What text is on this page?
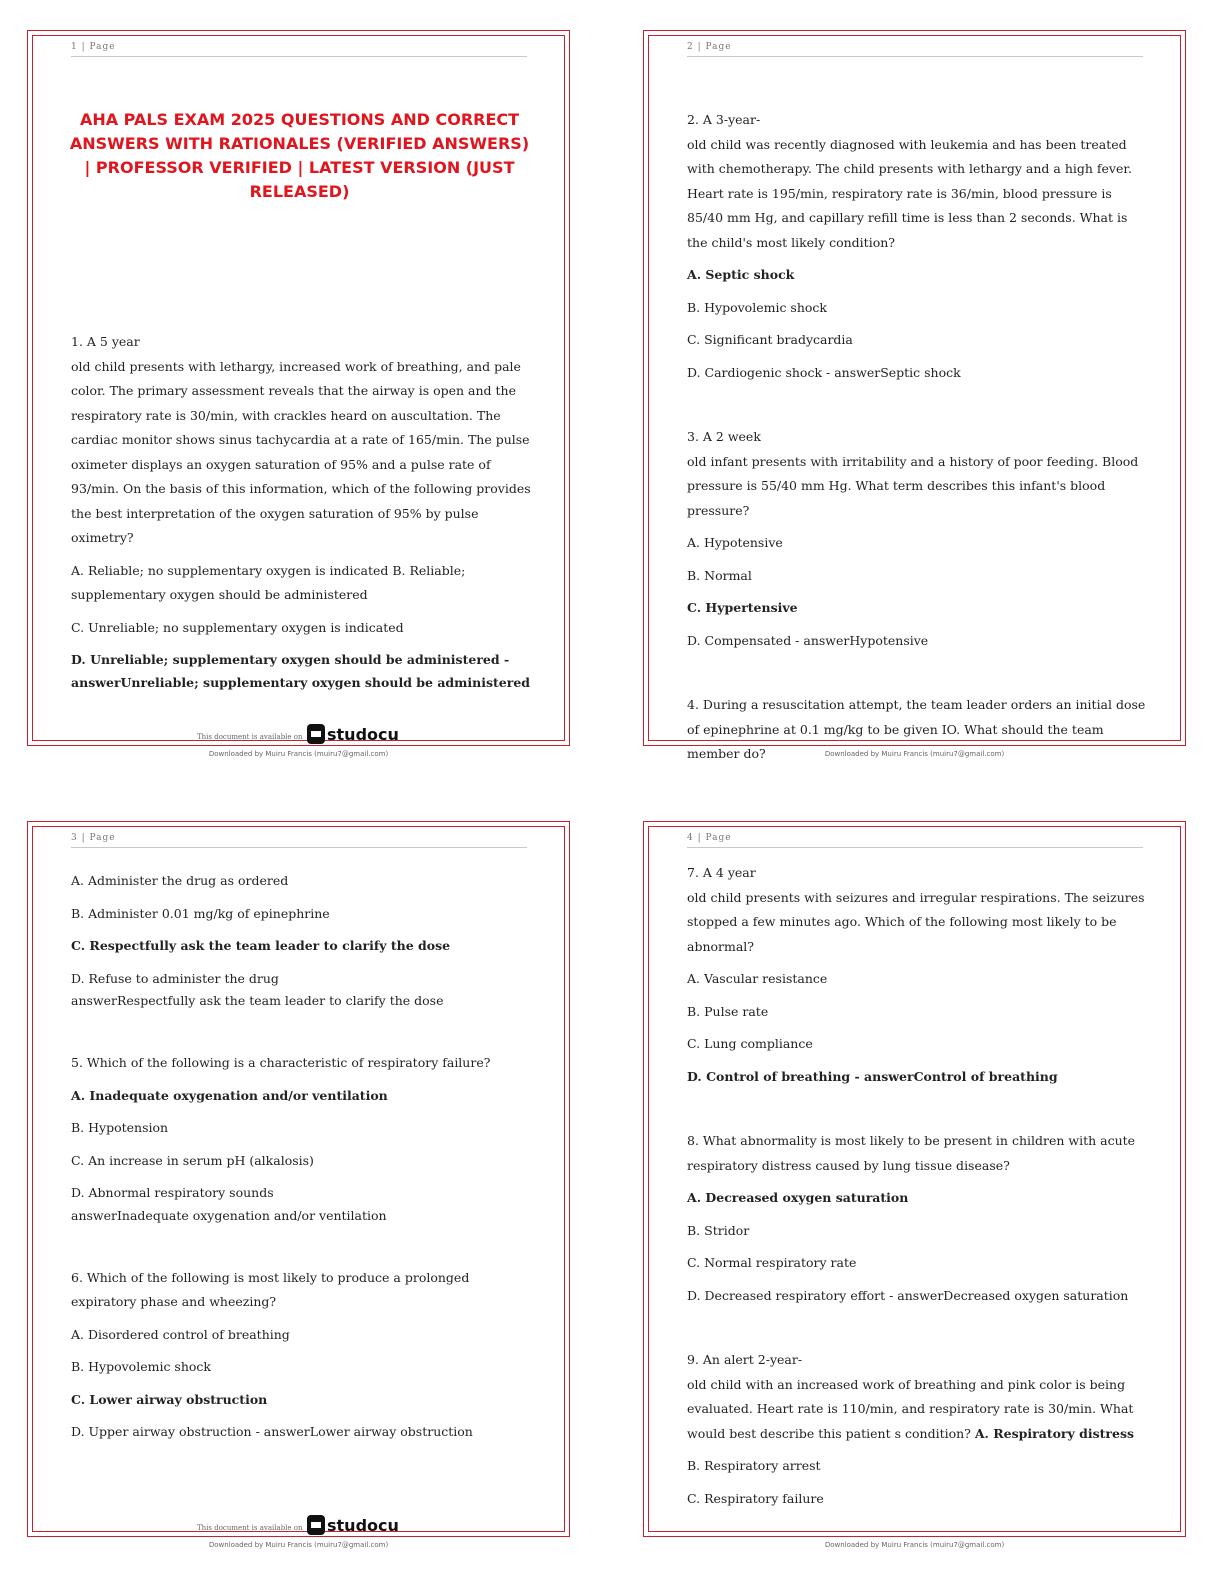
1 | Page
AHA PALS EXAM 2025 QUESTIONS AND CORRECT ANSWERS WITH RATIONALES (VERIFIED ANSWERS) | PROFESSOR VERIFIED | LATEST VERSION (JUST RELEASED)

1. A 5 year

old child presents with lethargy, increased work of breathing, and pale color. The primary assessment reveals that the airway is open and the respiratory rate is 30/min, with crackles heard on auscultation. The cardiac monitor shows sinus tachycardia at a rate of 165/min. The pulse oximeter displays an oxygen saturation of 95% and a pulse rate of 93/min. On the basis of this information, which of the following provides the best interpretation of the oxygen saturation of 95% by pulse oximetry?

A. Reliable; no supplementary oxygen is indicated B. Reliable; supplementary oxygen should be administered

C. Unreliable; no supplementary oxygen is indicated

D. Unreliable; supplementary oxygen should be administered -

answerUnreliable; supplementary oxygen should be administered

This document is available on studocu
Downloaded by Muiru Francis (muiru7@gmail.com)
2 | Page

2. A 3-year-

old child was recently diagnosed with leukemia and has been treated with chemotherapy. The child presents with lethargy and a high fever. Heart rate is 195/min, respiratory rate is 36/min, blood pressure is 85/40 mm Hg, and capillary refill time is less than 2 seconds. What is the child's most likely condition?

A. Septic shock

B. Hypovolemic shock

C. Significant bradycardia

D. Cardiogenic shock - answerSeptic shock

3. A 2 week

old infant presents with irritability and a history of poor feeding. Blood pressure is 55/40 mm Hg. What term describes this infant's blood pressure?

A. Hypotensive

B. Normal

C. Hypertensive

D. Compensated - answerHypotensive

4. During a resuscitation attempt, the team leader orders an initial dose of epinephrine at 0.1 mg/kg to be given IO. What should the team member do?	Downloaded by Muiru Francis (muiru7@gmail.com)
3 | Page

A. Administer the drug as ordered

B. Administer 0.01 mg/kg of epinephrine

C. Respectfully ask the team leader to clarify the dose

D. Refuse to administer the drug

answerRespectfully ask the team leader to clarify the dose

5. Which of the following is a characteristic of respiratory failure?

A. Inadequate oxygenation and/or ventilation

B. Hypotension

C. An increase in serum pH (alkalosis)

D. Abnormal respiratory sounds

answerInadequate oxygenation and/or ventilation

6. Which of the following is most likely to produce a prolonged expiratory phase and wheezing?

A. Disordered control of breathing

B. Hypovolemic shock

C. Lower airway obstruction

D. Upper airway obstruction - answerLower airway obstruction

This document is available on studocu
Downloaded by Muiru Francis (muiru7@gmail.com)
4 | Page

7. A 4 year

old child presents with seizures and irregular respirations. The seizures stopped a few minutes ago. Which of the following most likely to be abnormal?

A. Vascular resistance

B. Pulse rate

C. Lung compliance

D. Control of breathing - answerControl of breathing

8. What abnormality is most likely to be present in children with acute respiratory distress caused by lung tissue disease?

A. Decreased oxygen saturation

B. Stridor

C. Normal respiratory rate

D. Decreased respiratory effort - answerDecreased oxygen saturation

9. An alert 2-year-

old child with an increased work of breathing and pink color is being evaluated. Heart rate is 110/min, and respiratory rate is 30/min. What would best describe this patient s condition? A. Respiratory distress

B. Respiratory arrest

C. Respiratory failure

Downloaded by Muiru Francis (muiru7@gmail.com)
